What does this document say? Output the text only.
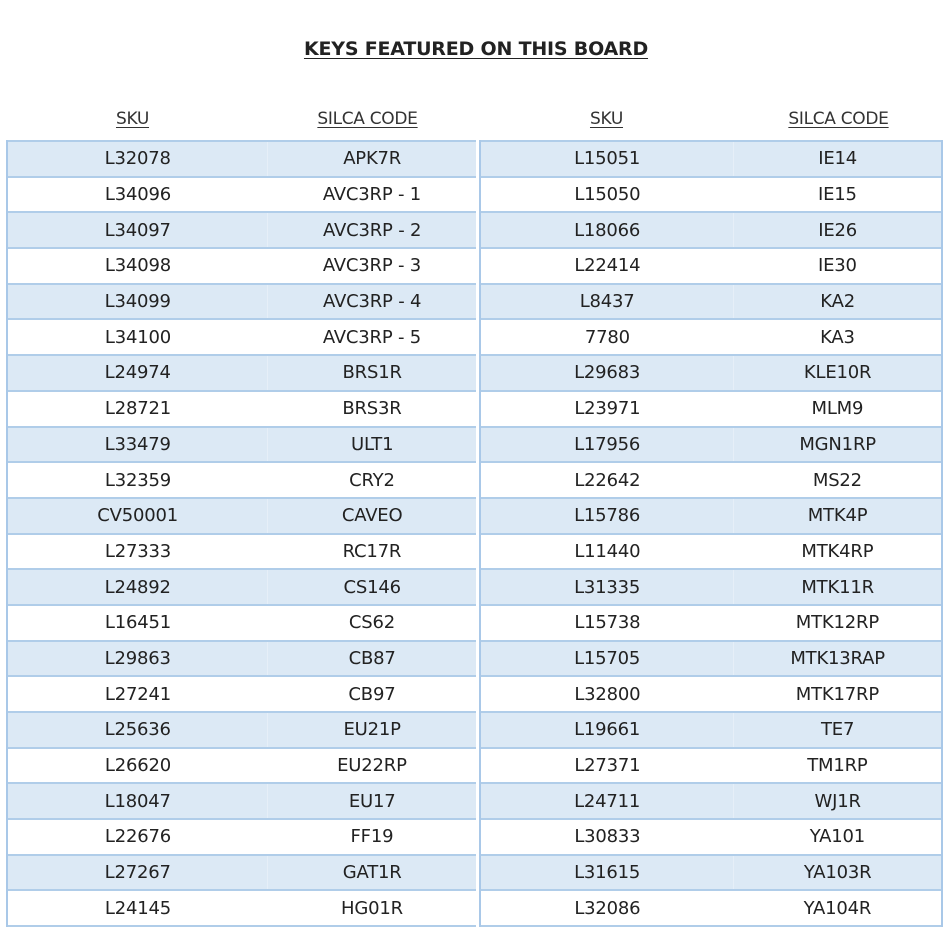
KEYS FEATURED ON THIS BOARD
SKU	SILCA CODE
L32078	APK7R
L34096	AVC3RP - 1
L34097	AVC3RP - 2
L34098	AVC3RP - 3
L34099	AVC3RP - 4
L34100	AVC3RP - 5
L24974	BRS1R
L28721	BRS3R
L33479	ULT1
L32359	CRY2
CV50001	CAVEO
L27333	RC17R
L24892	CS146
L16451	CS62
L29863	CB87
L27241	CB97
L25636	EU21P
L26620	EU22RP
L18047	EU17
L22676	FF19
L27267	GAT1R
L24145	HG01R
SKU	SILCA CODE
L15051	IE14
L15050	IE15
L18066	IE26
L22414	IE30
L8437	KA2
7780	KA3
L29683	KLE10R
L23971	MLM9
L17956	MGN1RP
L22642	MS22
L15786	MTK4P
L11440	MTK4RP
L31335	MTK11R
L15738	MTK12RP
L15705	MTK13RAP
L32800	MTK17RP
L19661	TE7
L27371	TM1RP
L24711	WJ1R
L30833	YA101
L31615	YA103R
L32086	YA104R
